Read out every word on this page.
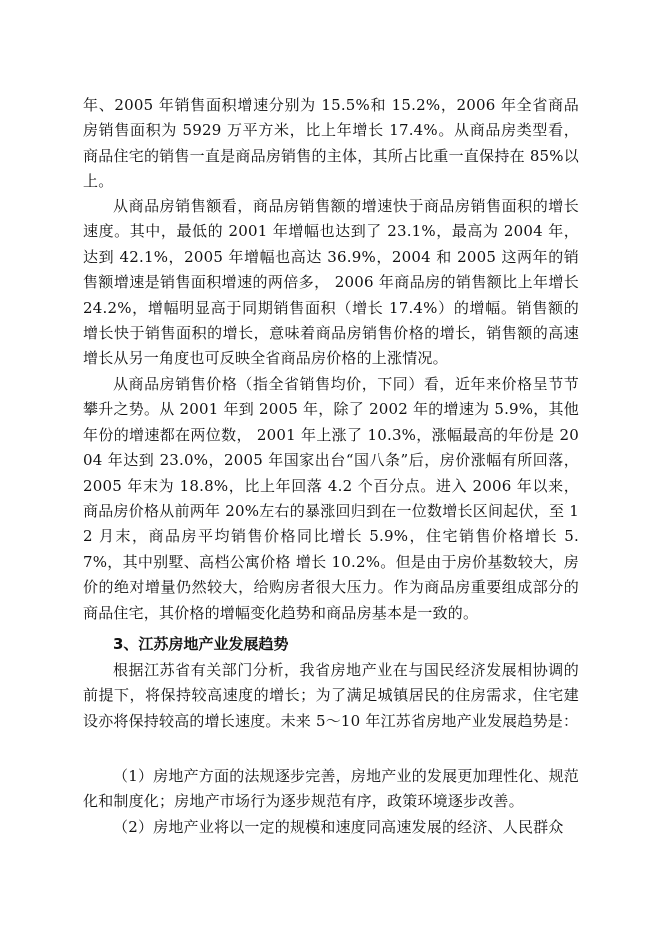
年、2005 年销售面积增速分别为 15.5%和 15.2%，2006 年全省商品房销售面积为 5929 万平方米，比上年增长 17.4%。从商品房类型看，商品住宅的销售一直是商品房销售的主体，其所占比重一直保持在 85%以上。

从商品房销售额看，商品房销售额的增速快于商品房销售面积的增长速度。其中，最低的 2001 年增幅也达到了 23.1%，最高为 2004 年，达到 42.1%，2005 年增幅也高达 36.9%，2004 和 2005 这两年的销售额增速是销售面积增速的两倍多， 2006 年商品房的销售额比上年增长 24.2%，增幅明显高于同期销售面积（增长 17.4%）的增幅。销售额的增长快于销售面积的增长，意味着商品房销售价格的增长，销售额的高速增长从另一角度也可反映全省商品房价格的上涨情况。

从商品房销售价格（指全省销售均价，下同）看，近年来价格呈节节攀升之势。从 2001 年到 2005 年，除了 2002 年的增速为 5.9%，其他年份的增速都在两位数， 2001 年上涨了 10.3%，涨幅最高的年份是 2004 年达到 23.0%，2005 年国家出台“国八条”后，房价涨幅有所回落，2005 年末为 18.8%，比上年回落 4.2 个百分点。进入 2006 年以来，商品房价格从前两年 20%左右的暴涨回归到在一位数增长区间起伏，至 12 月末，商品房平均销售价格同比增长 5.9%，住宅销售价格增长 5.7%，其中别墅、高档公寓价格 增长 10.2%。但是由于房价基数较大，房价的绝对增量仍然较大，给购房者很大压力。作为商品房重要组成部分的商品住宅，其价格的增幅变化趋势和商品房基本是一致的。

3、江苏房地产业发展趋势

根据江苏省有关部门分析，我省房地产业在与国民经济发展相协调的前提下，将保持较高速度的增长；为了满足城镇居民的住房需求，住宅建设亦将保持较高的增长速度。未来 5～10 年江苏省房地产业发展趋势是：

（1）房地产方面的法规逐步完善，房地产业的发展更加理性化、规范化和制度化；房地产市场行为逐步规范有序，政策环境逐步改善。

（2）房地产业将以一定的规模和速度同高速发展的经济、人民群众
